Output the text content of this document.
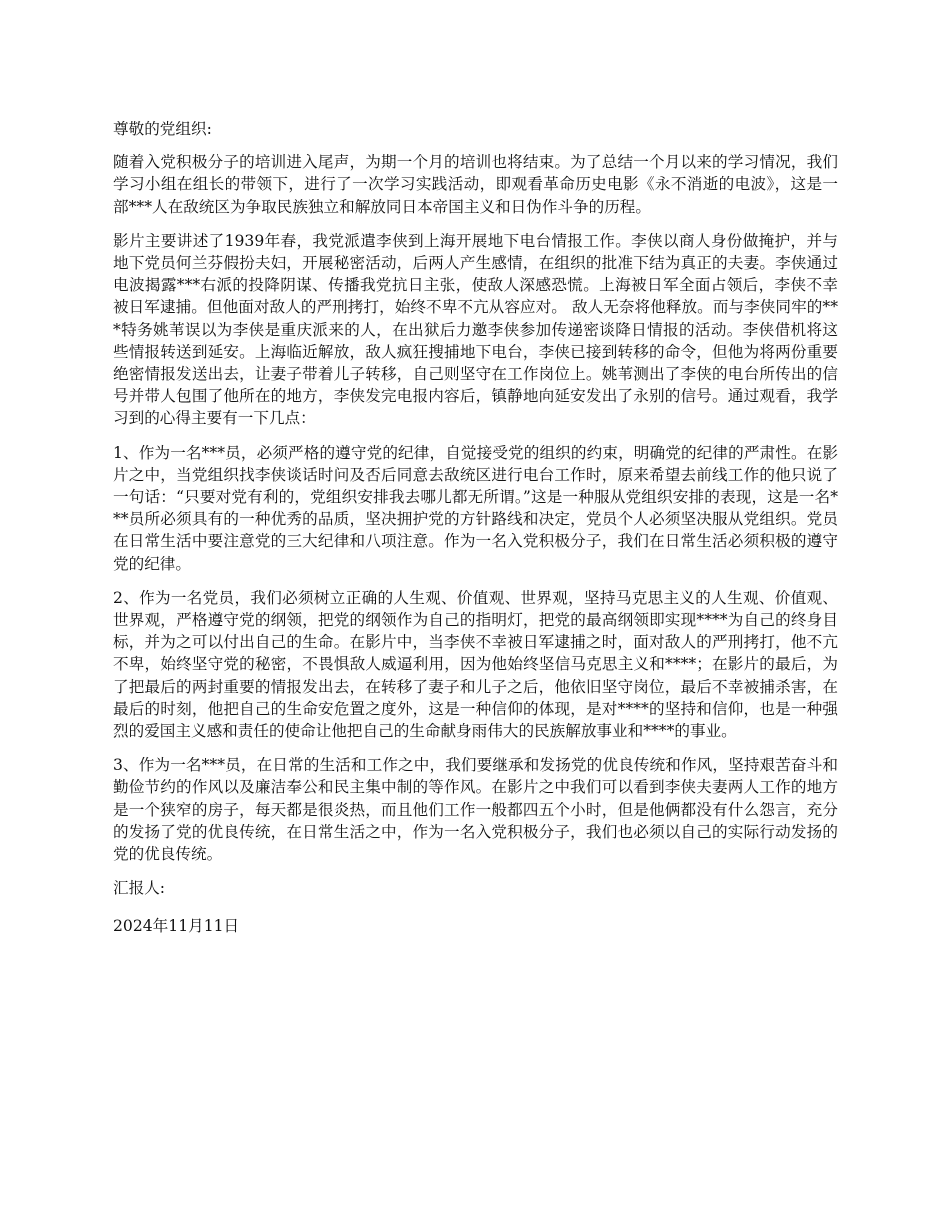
尊敬的党组织:

随着入党积极分子的培训进入尾声，为期一个月的培训也将结束。为了总结一个月以来的学习情况，我们学习小组在组长的带领下，进行了一次学习实践活动，即观看革命历史电影《永不消逝的电波》，这是一部***人在敌统区为争取民族独立和解放同日本帝国主义和日伪作斗争的历程。

影片主要讲述了1939年春，我党派遣李侠到上海开展地下电台情报工作。李侠以商人身份做掩护，并与地下党员何兰芬假扮夫妇，开展秘密活动，后两人产生感情，在组织的批准下结为真正的夫妻。李侠通过电波揭露***右派的投降阴谋、传播我党抗日主张，使敌人深感恐慌。上海被日军全面占领后，李侠不幸被日军逮捕。但他面对敌人的严刑拷打，始终不卑不亢从容应对。 敌人无奈将他释放。而与李侠同牢的***特务姚苇误以为李侠是重庆派来的人，在出狱后力邀李侠参加传递密谈降日情报的活动。李侠借机将这些情报转送到延安。上海临近解放，敌人疯狂搜捕地下电台，李侠已接到转移的命令，但他为将两份重要绝密情报发送出去，让妻子带着儿子转移，自己则坚守在工作岗位上。姚苇测出了李侠的电台所传出的信号并带人包围了他所在的地方，李侠发完电报内容后，镇静地向延安发出了永别的信号。通过观看，我学习到的心得主要有一下几点：

1、作为一名***员，必须严格的遵守党的纪律，自觉接受党的组织的约束，明确党的纪律的严肃性。在影片之中，当党组织找李侠谈话时问及否后同意去敌统区进行电台工作时，原来希望去前线工作的他只说了一句话：“只要对党有利的，党组织安排我去哪儿都无所谓。”这是一种服从党组织安排的表现，这是一名***员所必须具有的一种优秀的品质，坚决拥护党的方针路线和决定，党员个人必须坚决服从党组织。党员在日常生活中要注意党的三大纪律和八项注意。作为一名入党积极分子，我们在日常生活必须积极的遵守党的纪律。

2、作为一名党员，我们必须树立正确的人生观、价值观、世界观，坚持马克思主义的人生观、价值观、世界观，严格遵守党的纲领，把党的纲领作为自己的指明灯，把党的最高纲领即实现****为自己的终身目标，并为之可以付出自己的生命。在影片中，当李侠不幸被日军逮捕之时，面对敌人的严刑拷打，他不亢不卑，始终坚守党的秘密，不畏惧敌人威逼利用，因为他始终坚信马克思主义和****；在影片的最后，为了把最后的两封重要的情报发出去，在转移了妻子和儿子之后，他依旧坚守岗位，最后不幸被捕杀害，在最后的时刻，他把自己的生命安危置之度外，这是一种信仰的体现，是对****的坚持和信仰，也是一种强烈的爱国主义感和责任的使命让他把自己的生命献身雨伟大的民族解放事业和****的事业。

3、作为一名***员，在日常的生活和工作之中，我们要继承和发扬党的优良传统和作风，坚持艰苦奋斗和勤俭节约的作风以及廉洁奉公和民主集中制的等作风。在影片之中我们可以看到李侠夫妻两人工作的地方是一个狭窄的房子，每天都是很炎热，而且他们工作一般都四五个小时，但是他俩都没有什么怨言，充分的发扬了党的优良传统，在日常生活之中，作为一名入党积极分子，我们也必须以自己的实际行动发扬的党的优良传统。

汇报人:

2024年11月11日
